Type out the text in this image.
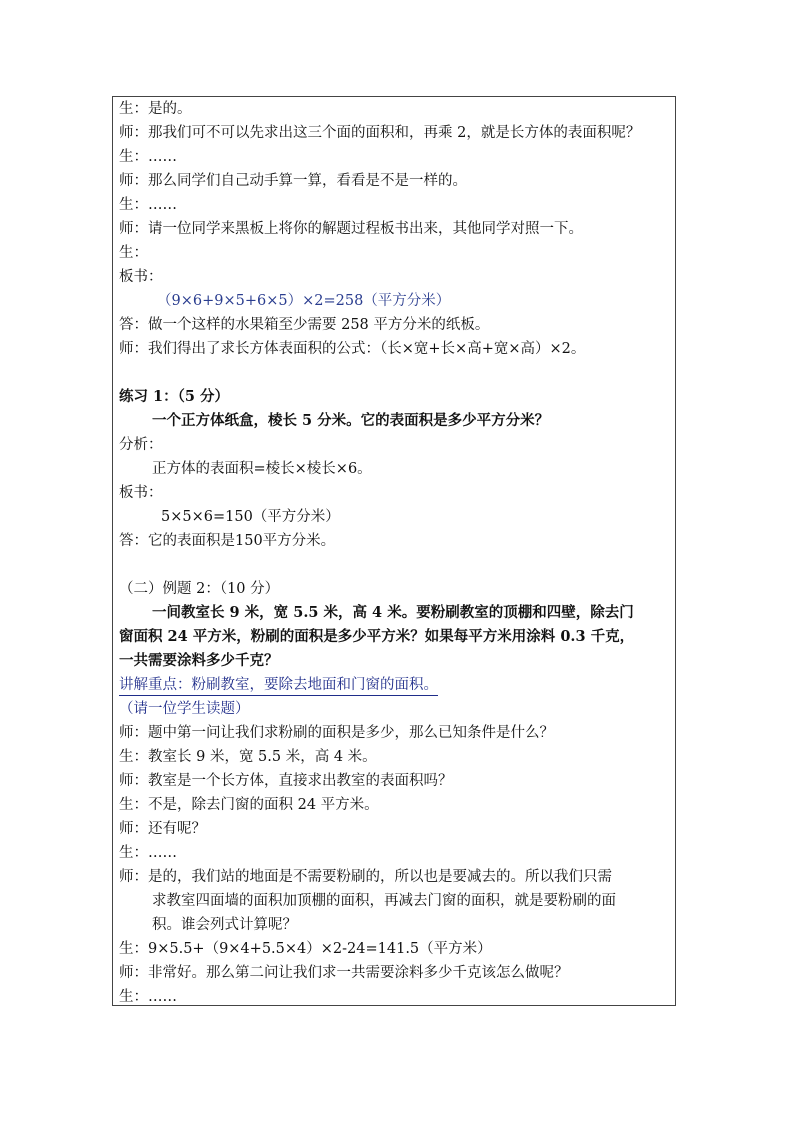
生：是的。
师：那我们可不可以先求出这三个面的面积和，再乘 2，就是长方体的表面积呢？
生：……
师：那么同学们自己动手算一算，看看是不是一样的。
生：……
师：请一位同学来黑板上将你的解题过程板书出来，其他同学对照一下。
生：
板书：
（9×6+9×5+6×5）×2=258（平方分米）
答：做一个这样的水果箱至少需要 258 平方分米的纸板。
师：我们得出了求长方体表面积的公式：（长×宽+长×高+宽×高）×2。
练习 1：（5 分）
一个正方体纸盒，棱长 5 分米。它的表面积是多少平方分米？
分析：
正方体的表面积=棱长×棱长×6。
板书：
5×5×6=150（平方分米）
答：它的表面积是150平方分米。
（二）例题 2：（10 分）
一间教室长 9 米，宽 5.5 米，高 4 米。要粉刷教室的顶棚和四壁，除去门
窗面积 24 平方米，粉刷的面积是多少平方米？如果每平方米用涂料 0.3 千克，
一共需要涂料多少千克？
讲解重点：粉刷教室，要除去地面和门窗的面积。
（请一位学生读题）
师：题中第一问让我们求粉刷的面积是多少，那么已知条件是什么？
生：教室长 9 米，宽 5.5 米，高 4 米。
师：教室是一个长方体，直接求出教室的表面积吗？
生：不是，除去门窗的面积 24 平方米。
师：还有呢？
生：……
师：是的，我们站的地面是不需要粉刷的，所以也是要减去的。所以我们只需
求教室四面墙的面积加顶棚的面积，再减去门窗的面积，就是要粉刷的面
积。谁会列式计算呢？
生：9×5.5+（9×4+5.5×4）×2-24=141.5（平方米）
师：非常好。那么第二问让我们求一共需要涂料多少千克该怎么做呢？
生：……
